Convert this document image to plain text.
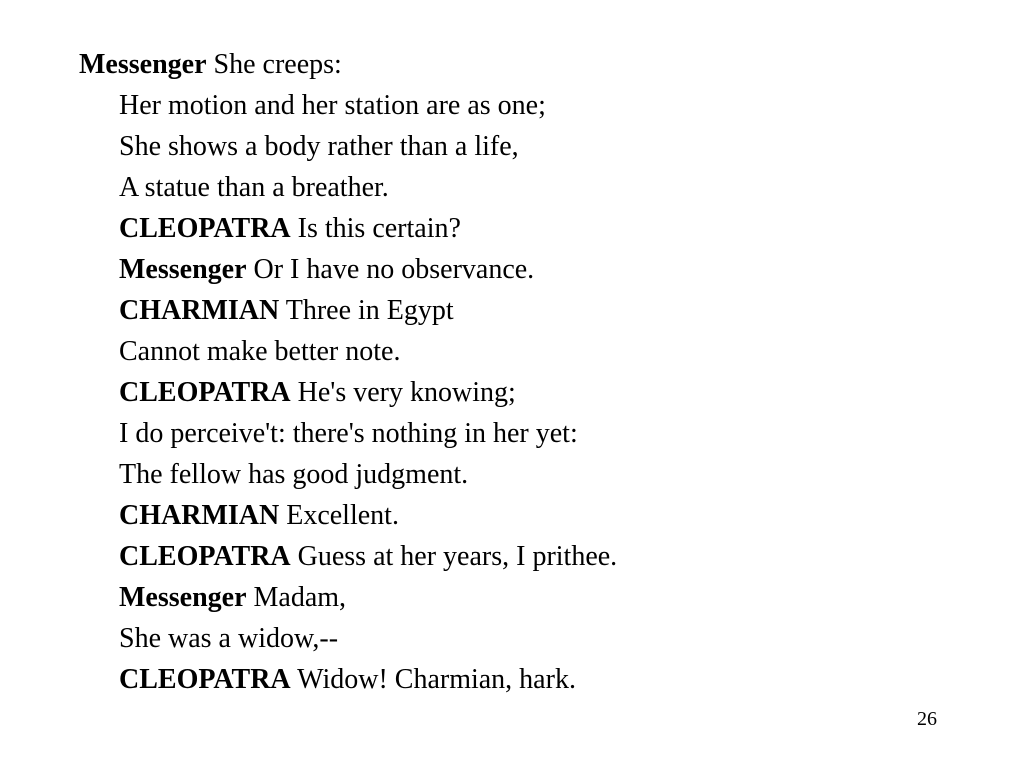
Messenger She creeps:
Her motion and her station are as one;
She shows a body rather than a life,
A statue than a breather.
CLEOPATRA Is this certain?
Messenger Or I have no observance.
CHARMIAN Three in Egypt
Cannot make better note.
CLEOPATRA He's very knowing;
I do perceive't: there's nothing in her yet:
The fellow has good judgment.
CHARMIAN Excellent.
CLEOPATRA Guess at her years, I prithee.
Messenger Madam,
She was a widow,--
CLEOPATRA Widow! Charmian, hark.
26
